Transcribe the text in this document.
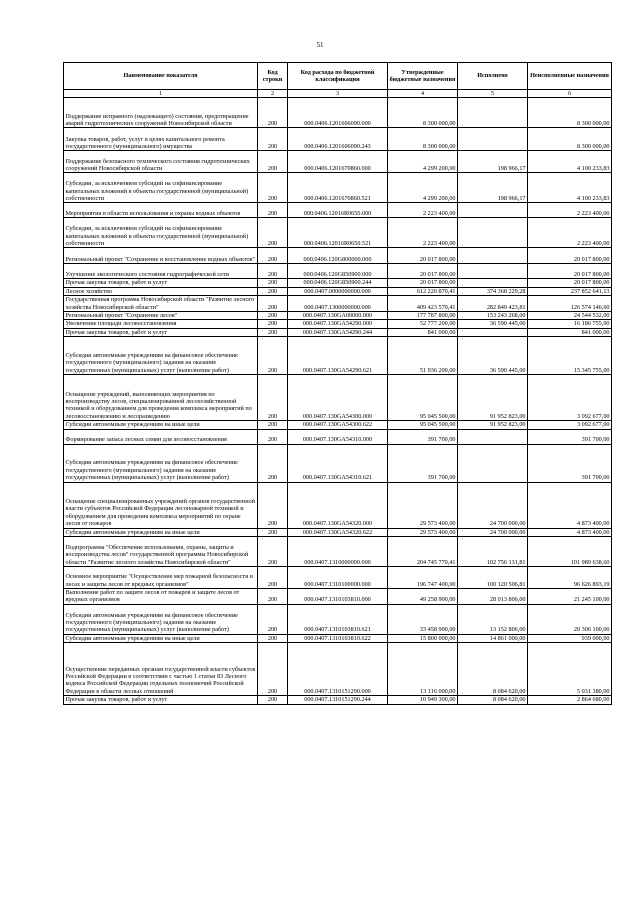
51
Наименование показателя	Код строки	Код расхода по бюджетной классификации	Утвержденные бюджетные назначения	Исполнено	Неисполненные назначения
1	2	3	4	5	6
Поддержание исправного (надлежащего) состояния, предотвращение аварий гидротехнических сооружений Новосибирской области	200	000.0406.1201606090.000	8 300 000,00		8 300 000,00
Закупка товаров, работ, услуг в целях капитального ремонта государственного (муниципального) имущества	200	000.0406.1201606090.243	8 300 000,00		8 300 000,00
Поддержание безопасного технического состояния гидротехнических сооружений Новосибирской области	200	000.0406.1201670860.000	4 299 200,00	198 966,17	4 100 233,83
Субсидии, за исключением субсидий на софинансирование капитальных вложений в объекты государственной (муниципальной) собственности	200	000.0406.1201670860.521	4 299 200,00	198 966,17	4 100 233,83
Мероприятия в области использования и охраны водных объектов	200	000.0406.12016R0650.000	2 223 400,00		2 223 400,00
Субсидии, за исключением субсидий на софинансирование капитальных вложений в объекты государственной (муниципальной) собственности	200	000.0406.12016R0650.521	2 223 400,00		2 223 400,00
Региональный проект "Сохранение и восстановление водных объектов"	200	000.0406.120G800000.000	20 017 800,00		20 017 800,00
Улучшение экологического состояния гидрографической сети	200	000.0406.120G850900.000	20 017 800,00		20 017 800,00
Прочая закупка товаров, работ и услуг	200	000.0406.120G850900.244	20 017 800,00		20 017 800,00
Лесное хозяйство	200	000.0407.0000000000.000	612 220 870,41	374 368 229,28	237 852 641,13
Государственная программа Новосибирской области "Развитие лесного хозяйства Новосибирской области"	200	000.0407.1300000000.000	409 423 570,41	282 849 423,81	126 574 146,60
Региональный проект "Сохранение лесов"	200	000.0407.130GA00000.000	177 787 800,00	153 243 268,00	24 544 532,00
Увеличение площади лесовосстановления	200	000.0407.130GA54290.000	52 777 200,00	36 590 445,00	16 186 755,00
Прочая закупка товаров, работ и услуг	200	000.0407.130GA54290.244	841 000,00		841 000,00
Субсидии автономным учреждениям на финансовое обеспечение государственного (муниципального) задания на оказание государственных (муниципальных) услуг (выполнение работ)	200	000.0407.130GA54290.621	51 936 200,00	36 590 445,00	15 345 755,00
Оснащение учреждений, выполняющих мероприятия по воспроизводству лесов, специализированной лесохозяйственной техникой и оборудованием для проведения комплекса мероприятий по лесовосстановлению и лесоразведению	200	000.0407.130GA54300.000	95 045 500,00	91 952 823,00	3 092 677,00
Субсидии автономным учреждениям на иные цели	200	000.0407.130GA54300.622	95 045 500,00	91 952 823,00	3 092 677,00
Формирование запаса лесных семян для лесовосстановления	200	000.0407.130GA54310.000	391 700,00		391 700,00
Субсидии автономным учреждениям на финансовое обеспечение государственного (муниципального) задания на оказание государственных (муниципальных) услуг (выполнение работ)	200	000.0407.130GA54310.621	391 700,00		391 700,00
Оснащение специализированных учреждений органов государственной власти субъектов Российской Федерации лесопожарной техникой и оборудованием для проведения комплекса мероприятий по охране лесов от пожаров	200	000.0407.130GA54320.000	29 573 400,00	24 700 000,00	4 873 400,00
Субсидии автономным учреждениям на иные цели	200	000.0407.130GA54320.622	29 573 400,00	24 700 000,00	4 873 400,00
Подпрограмма "Обеспечение использования, охраны, защиты и воспроизводства лесов" государственной программы Новосибирской области "Развитие лесного хозяйства Новосибирской области"	200	000.0407.1310000000.000	204 745 770,41	102 756 131,81	101 989 638,60
Основное мероприятие "Осуществление мер пожарной безопасности в лесах и защиты лесов от вредных организмов"	200	000.0407.1310100000.000	196 747 400,00	100 120 506,81	96 626 893,19
Выполнение работ по защите лесов от пожаров и защите лесов от вредных организмов	200	000.0407.1310103810.000	49 258 900,00	28 013 806,00	21 245 100,00
Субсидии автономным учреждениям на финансовое обеспечение государственного (муниципального) задания на оказание государственных (муниципальных) услуг (выполнение работ)	200	000.0407.1310103810.621	33 458 900,00	13 152 806,00	20 306 100,00
Субсидии автономным учреждениям на иные цели	200	000.0407.1310103810.622	15 800 000,00	14 861 000,00	939 000,00
Осуществление переданных органам государственной власти субъектов Российской Федерации в соответствии с частью 1 статьи 83 Лесного кодекса Российской Федерации отдельных полномочий Российской Федерации в области лесных отношений	200	000.0407.1310151290.000	13 116 000,00	8 084 620,00	5 031 380,00
Прочая закупка товаров, работ и услуг	200	000.0407.1310151290.244	10 949 300,00	8 084 620,00	2 864 680,00
